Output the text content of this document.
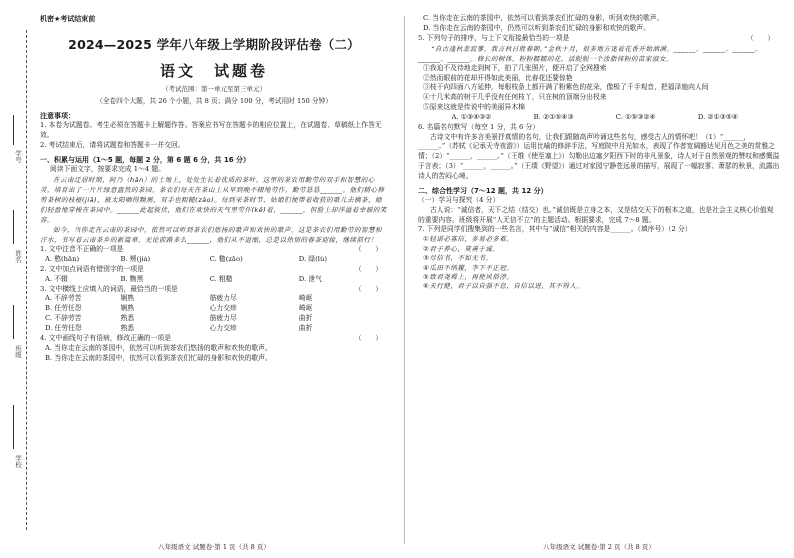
学号
姓名
班级
学校
机密★考试结束前
2024—2025 学年八年级上学期阶段评估卷（二）
语文　试题卷
（考试范围：第一单元至第三单元）
（全卷四个大题，共 26 个小题，共 8 页；满分 100 分，考试用时 150 分钟）
注意事项：

1. 本卷为试题卷。考生必须在答题卡上解题作答。答案应书写在答题卡的相应位置上，在试题卷、草稿纸上作答无效。

2. 考试结束后，请将试题卷和答题卡一并交回。

一、积累与运用（1～5 题，每题 2 分，第 6 题 6 分，共 16 分）

阅读下面文字，按要求完成 1～4 题。

在云南迁居时期，阿乃（hān）的土地上，处处生长着优质的茶叶。这里的茶农用勤劳的双手和智慧的心灵，培育出了一片片绿意盎然的茶园。茶农们每天在茶山上从早到晚不辍地劳作，勤劳恳恳______。他们精心修剪茶树的枝桠(jiā)，被太阳晒得黝黑，双手也粗糙(zāo)。每到采茶时节，姑娘们便带着收获的歌儿去摘茶，她们轻盈地穿梭在茶园中。______此起彼伏，他们在欢快的天气里劳作(kē)着，______，但脸上却洋溢着幸福的笑容。

如今，当你走在云南的茶园中，依然可以听到茶农们悠扬的歌声和欢快的歌声。这是茶农们用勤劳的智慧和汗水，书写着云南茶乡的新篇章。无论前路多么______，他们从不退缩，总是以热情的春茶迎接，继续前行！

1. 文中注音不正确的一项是	（　　）
A. 憨(hān)	B. 颊(jiá)	C. 糙(zāo)	D. 绿(lù)
2. 文中加点词语有错别字的一项是	（　　）
A. 不辍	B. 黝黑	C. 粗糙	D. 泄气
3. 文中横线上应填入的词语，最恰当的一项是	（　　）
A. 不辞劳苦	娴熟	筋疲力尽	崎岖
B. 任劳任怨	娴熟	心力交瘁	崎岖
C. 不辞劳苦	熟悉	筋疲力尽	曲折
D. 任劳任怨	熟悉	心力交瘁	曲折
4. 文中画线句子有语病，修改正确的一项是	（　　）

A. 当你走在云南的茶园中，依然可以听到茶农们悠扬的歌声和欢快的歌声。

B. 当你走在云南的茶园中，依然可以看到茶农们忙碌的身影和欢快的歌声。

C. 当你走在云南的茶园中，依然可以看到茶农们忙碌的身影，听到欢快的歌声。

D. 当你走在云南的茶园中，仍然可以听到茶农们忙碌的身影和欢快的歌声。

5. 下列句子的排序，与上下文衔接最恰当的一项是	（　　）

“自古逢秋悲寂寥，我言秋日胜春朝。”金秋十月，很多地方迷着花香开始洒满。______。______。______。______。______。修长的树体，粉粉糯糯的花，活脱脱一个涂脂抹粉的苗家淑女。

①我迫不及待地走到树下，拍了几张照片，便开启了全网搜索

②然而眼前的花却开得如此美丽，比春花还要惊艳

③枝干向四面八方延伸，每根枝条上都开满了粉紫色的花朵，像极了千手观音，把福泽施向人间

④十几米高的树干几乎没有任何枝丫，只在树的顶端分出杈来

⑤原来这就是传说中的美丽异木棉

A. ①③④③②	B. ②①⑤④③	C. ①⑤③②④	D. ②①③⑤④

6. 名篇名句默写（每空 1 分，共 6 分）

古诗文中有许多言美景抒真情的名句，让我们跟随高声吟诵这些名句，感受古人的情怀吧！（1）“______，______。”（苏轼《记承天寺夜游》）运用比喻的修辞手法，写庭院中月光如水，表现了作者宽阔豁达见月色之美的赏雅之情；（2）“______，______。”（王维《使至塞上》）勾勒出边塞夕阳西下时的非凡景象，诗人对于自然景观的赞叹和感慨溢于言表；（3）“______，______。”（王绩《野望》）通过对家园宁静苍远景的描写，展现了一幅寂寥、萧瑟的秋景，流露出诗人的苦闷心境。

二、综合性学习（7～12 题，共 12 分）

（一）学习与探究（4 分）

古人说：“诚信者，天下之结（结交）也。”诚信既是立身之本，又是结交天下的根本之道，也是社会主义核心价值观的重要内容。班级将开展“人无信不立”的主题活动。根据要求，完成 7～8 题。

7. 下列是同学们搜集到的一些名言，其中与“诚信”相关的内容是______。（填序号）（2 分）

①轻诺必寡信，多易必多难。

②君子养心，莫善于诚。

③尽信书，不如无书。

④瓜田不纳履，李下不正冠。

⑤致君尧舜上，再使风俗淳。

⑥天行健，君子以自强不息，自信以进，其不得人。

八年级语文 试题卷·第 1 页（共 8 页）	八年级语文 试题卷·第 2 页（共 8 页）
